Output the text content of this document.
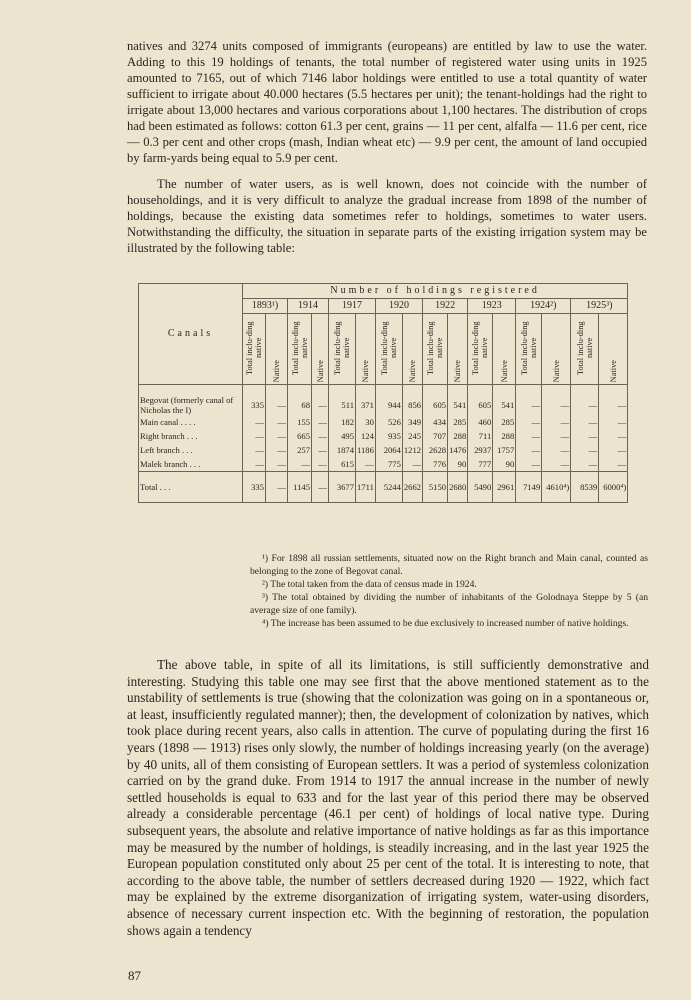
natives and 3274 units composed of immigrants (europeans) are entitled by law to use the water. Adding to this 19 holdings of tenants, the total number of registered water using units in 1925 amounted to 7165, out of which 7146 labor holdings were entitled to use a total quantity of water sufficient to irrigate about 40.000 hectares (5.5 hectares per unit); the tenant-holdings had the right to irrigate about 13,000 hectares and various corporations about 1,100 hectares. The distribution of crops had been estimated as follows: cotton 61.3 per cent, grains — 11 per cent, alfalfa — 11.6 per cent, rice — 0.3 per cent and other crops (mash, Indian wheat etc) — 9.9 per cent, the amount of land occupied by farm-yards being equal to 5.9 per cent.

The number of water users, as is well known, does not coincide with the number of householdings, and it is very difficult to analyze the gradual increase from 1898 of the number of holdings, because the existing data sometimes refer to holdings, sometimes to water users. Notwithstanding the difficulty, the situation in separate parts of the existing irrigation system may be illustrated by the following table:

Canals	Number of holdings registered															
	1893¹)		1914		1917		1920		1922		1923		1924²)		1925³)	
	Total inclu-ding native	Native	Total inclu-ding native	Native	Total inclu-ding native	Native	Total inclu-ding native	Native	Total inclu-ding native	Native	Total inclu-ding native	Native	Total inclu-ding native	Native	Total inclu-ding native	Native
Begovat (formerly canal of Nicholas the I)	335	—	68	—	511	371	944	856	605	541	605	541	—	—	—	—
Main canal . . . .	—	—	155	—	182	30	526	349	434	285	460	285	—	—	—	—
Right branch . . .	—	—	665	—	495	124	935	245	707	288	711	288	—	—	—	—
Left branch . . .	—	—	257	—	1874	1186	2064	1212	2628	1476	2937	1757	—	—	—	—
Malek branch . . .	—	—	—	—	615	—	775	—	776	90	777	90	—	—	—	—
Total . . .	335	—	1145	—	3677	1711	5244	2662	5150	2680	5490	2961	7149	4610⁴)	8539	6000⁴)

¹) For 1898 all russian settlements, situated now on the Right branch and Main canal, counted as belonging to the zone of Begovat canal.

²) The total taken from the data of census made in 1924.

³) The total obtained by dividing the number of inhabitants of the Golodnaya Steppe by 5 (an average size of one family).

⁴) The increase has been assumed to be due exclusively to increased number of native holdings.

The above table, in spite of all its limitations, is still sufficiently demonstrative and interesting. Studying this table one may see first that the above mentioned statement as to the unstability of settlements is true (showing that the colonization was going on in a spontaneous or, at least, insufficiently regulated manner); then, the development of colonization by natives, which took place during recent years, also calls in attention. The curve of populating during the first 16 years (1898 — 1913) rises only slowly, the number of holdings increasing yearly (on the average) by 40 units, all of them consisting of European settlers. It was a period of systemless colonization carried on by the grand duke. From 1914 to 1917 the annual increase in the number of newly settled households is equal to 633 and for the last year of this period there may be observed already a considerable percentage (46.1 per cent) of holdings of local native type. During subsequent years, the absolute and relative importance of native holdings as far as this importance may be measured by the number of holdings, is steadily increasing, and in the last year 1925 the European population constituted only about 25 per cent of the total. It is interesting to note, that according to the above table, the number of settlers decreased during 1920 — 1922, which fact may be explained by the extreme disorganization of irrigating system, water-using disorders, absence of necessary current inspection etc. With the beginning of restoration, the population shows again a tendency

87
